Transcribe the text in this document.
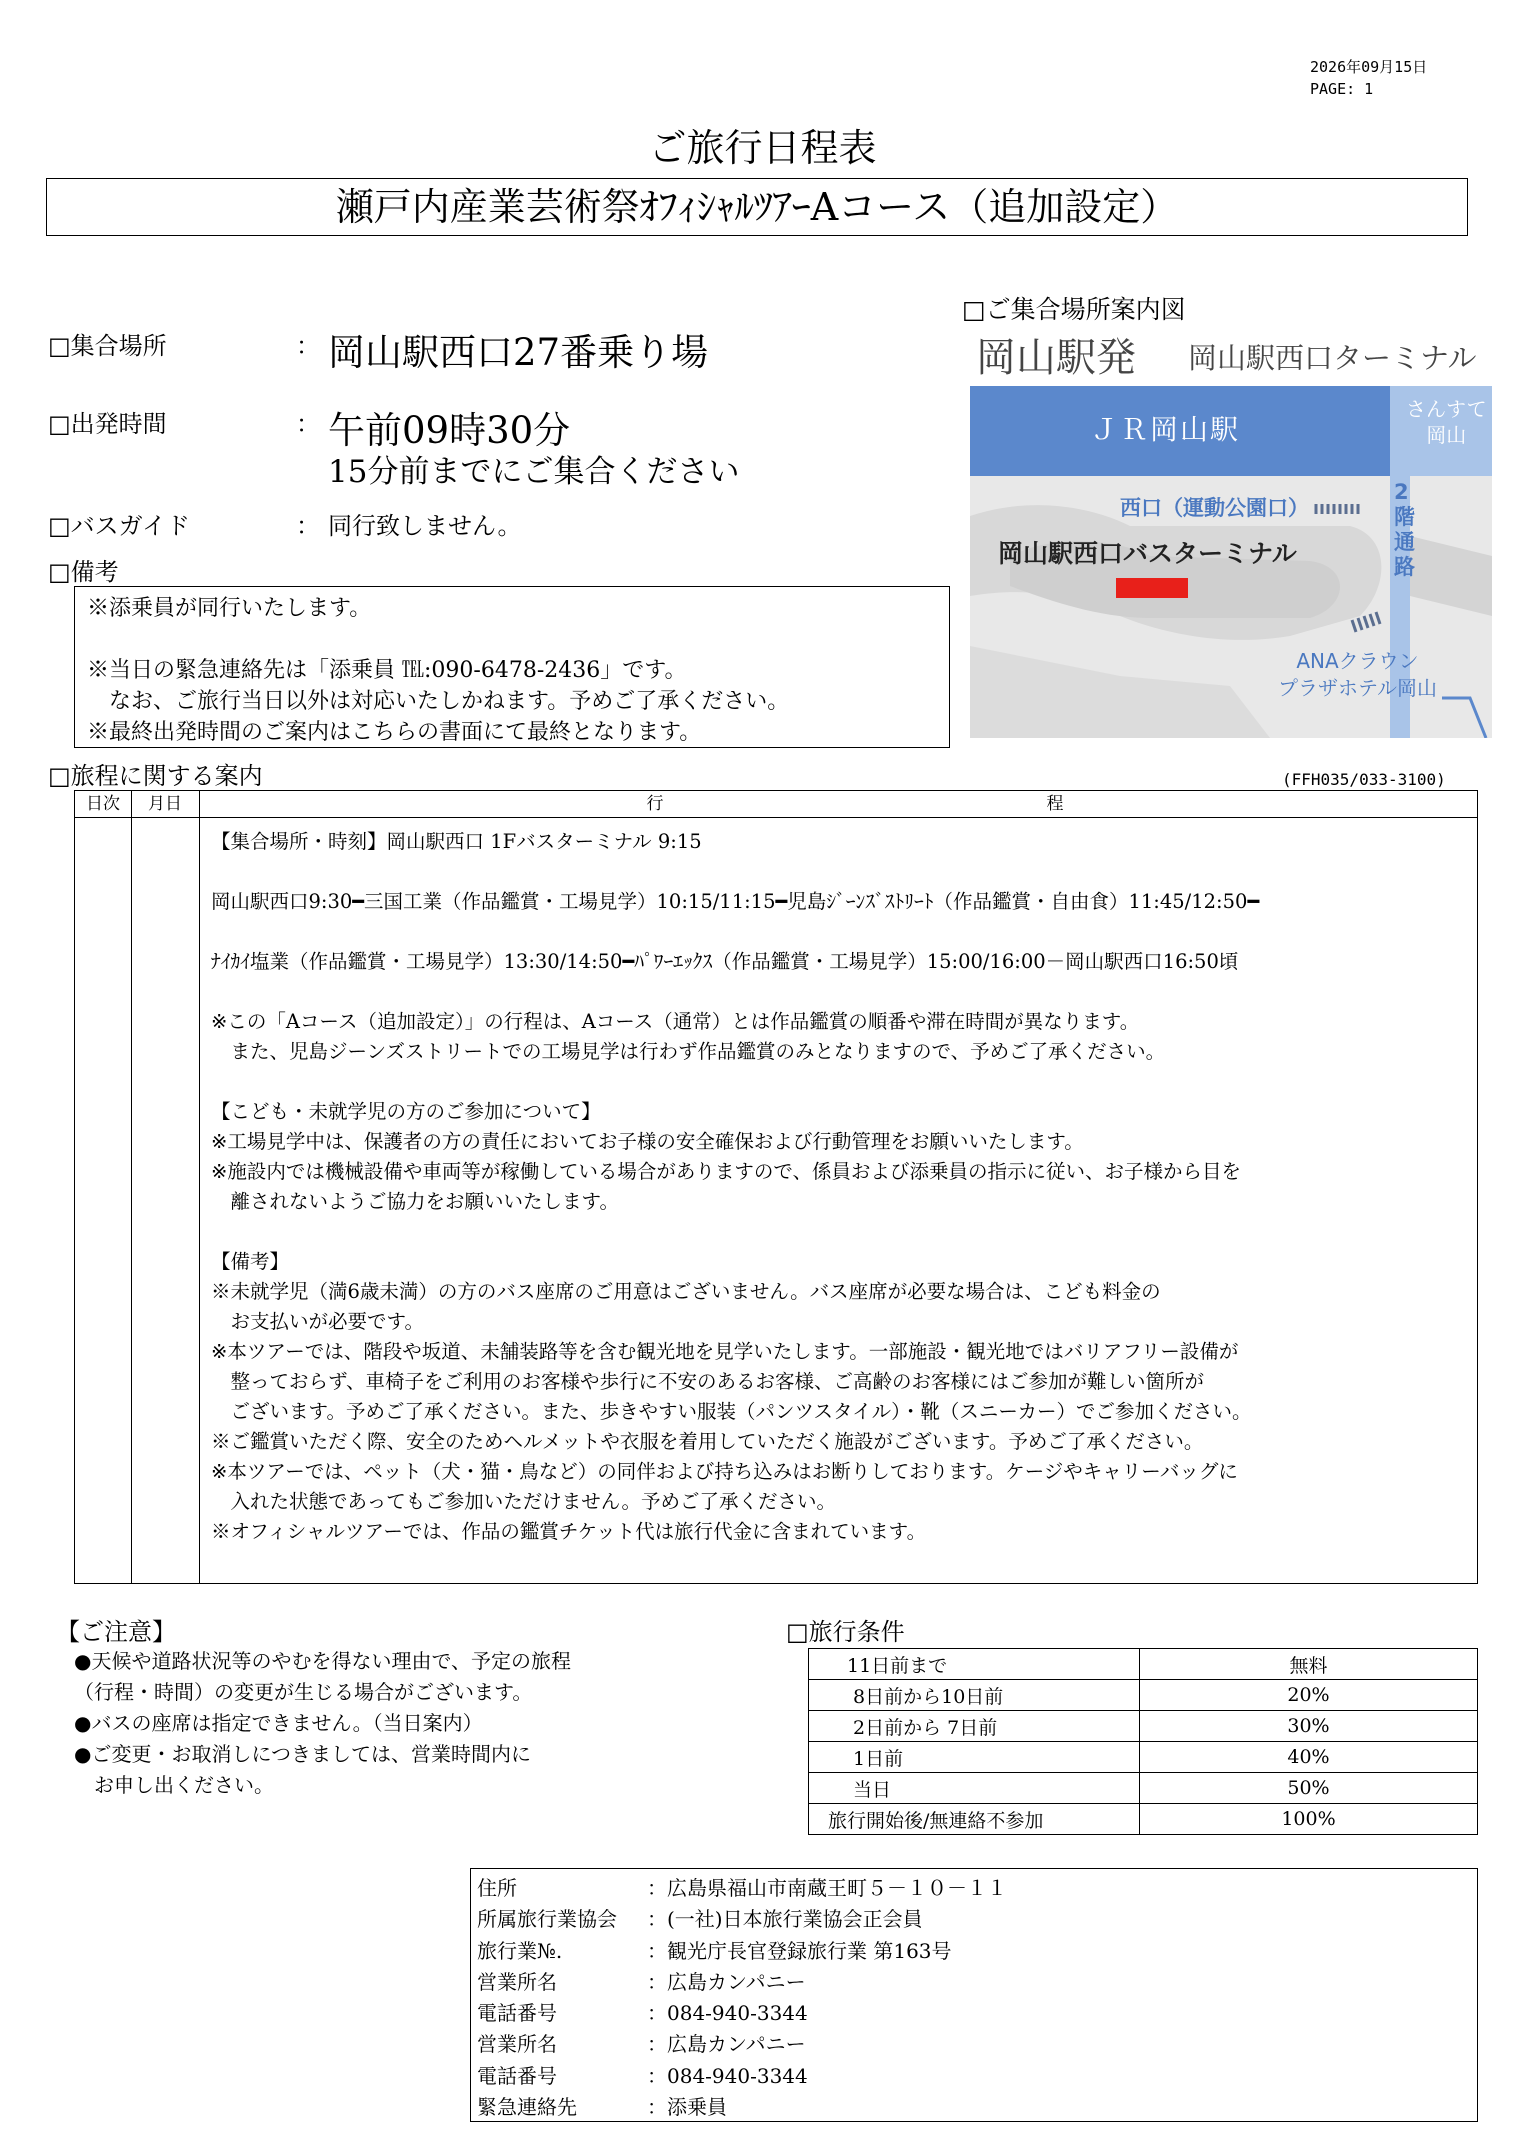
2026年09月15日
PAGE: 1
ご旅行日程表
瀬戸内産業芸術祭ｵﾌｨｼｬﾙﾂｱｰAコース（追加設定）
□集合場所	： 岡山駅西口27番乗り場
□出発時間	： 午前09時30分
15分前までにご集合ください
□バスガイド	： 同行致しません。
□備考
※添乗員が同行いたします。
※当日の緊急連絡先は「添乗員 ℡:090-6478-2436」です。
　なお、ご旅行当日以外は対応いたしかねます。予めご了承ください。
※最終出発時間のご案内はこちらの書面にて最終となります。
□ご集合場所案内図
岡山駅発 岡山駅西口ターミナル
ＪＲ岡山駅
さんすて
岡山
西口（運動公園口）
2
階
通
路
岡山駅西口バスターミナル
ANAクラウン
プラザホテル岡山
□旅程に関する案内	(FFH035/033-3100)
日次	月日	行	程
【集合場所・時刻】岡山駅西口 1Fバスターミナル 9:15

岡山駅西口9:30━三国工業（作品鑑賞・工場見学）10:15/11:15━児島ｼﾞｰﾝｽﾞｽﾄﾘｰﾄ（作品鑑賞・自由食）11:45/12:50━

ﾅｲｶｲ塩業（作品鑑賞・工場見学）13:30/14:50━ﾊﾟﾜｰｴｯｸｽ（作品鑑賞・工場見学）15:00/16:00－岡山駅西口16:50頃

※この「Aコース（追加設定）」の行程は、Aコース（通常）とは作品鑑賞の順番や滞在時間が異なります。
　また、児島ジーンズストリートでの工場見学は行わず作品鑑賞のみとなりますので、予めご了承ください。

【こども・未就学児の方のご参加について】
※工場見学中は、保護者の方の責任においてお子様の安全確保および行動管理をお願いいたします。
※施設内では機械設備や車両等が稼働している場合がありますので、係員および添乗員の指示に従い、お子様から目を
　離されないようご協力をお願いいたします。

【備考】
※未就学児（満6歳未満）の方のバス座席のご用意はございません。バス座席が必要な場合は、こども料金の
　お支払いが必要です。
※本ツアーでは、階段や坂道、未舗装路等を含む観光地を見学いたします。一部施設・観光地ではバリアフリー設備が
　整っておらず、車椅子をご利用のお客様や歩行に不安のあるお客様、ご高齢のお客様にはご参加が難しい箇所が
　ございます。予めご了承ください。また、歩きやすい服装（パンツスタイル）・靴（スニーカー）でご参加ください。
※ご鑑賞いただく際、安全のためヘルメットや衣服を着用していただく施設がございます。予めご了承ください。
※本ツアーでは、ペット（犬・猫・鳥など）の同伴および持ち込みはお断りしております。ケージやキャリーバッグに
　入れた状態であってもご参加いただけません。予めご了承ください。
※オフィシャルツアーでは、作品の鑑賞チケット代は旅行代金に含まれています。
【ご注意】
●天候や道路状況等のやむを得ない理由で、予定の旅程
（行程・時間）の変更が生じる場合がございます。
●バスの座席は指定できません。（当日案内）
●ご変更・お取消しにつきましては、営業時間内に
　お申し出ください。
□旅行条件
　　11日前まで	無料
　　 8日前から10日前	20%
　　 2日前から 7日前	30%
　　 1日前	40%
　　 当日	50%
　旅行開始後/無連絡不参加	100%
住所	：広島県福山市南蔵王町５－１０－１１
所属旅行業協会	：(一社)日本旅行業協会正会員
旅行業№.	：観光庁長官登録旅行業 第163号
営業所名	：広島カンパニー
電話番号	：084-940-3344
営業所名	：広島カンパニー
電話番号	：084-940-3344
緊急連絡先	：添乗員
